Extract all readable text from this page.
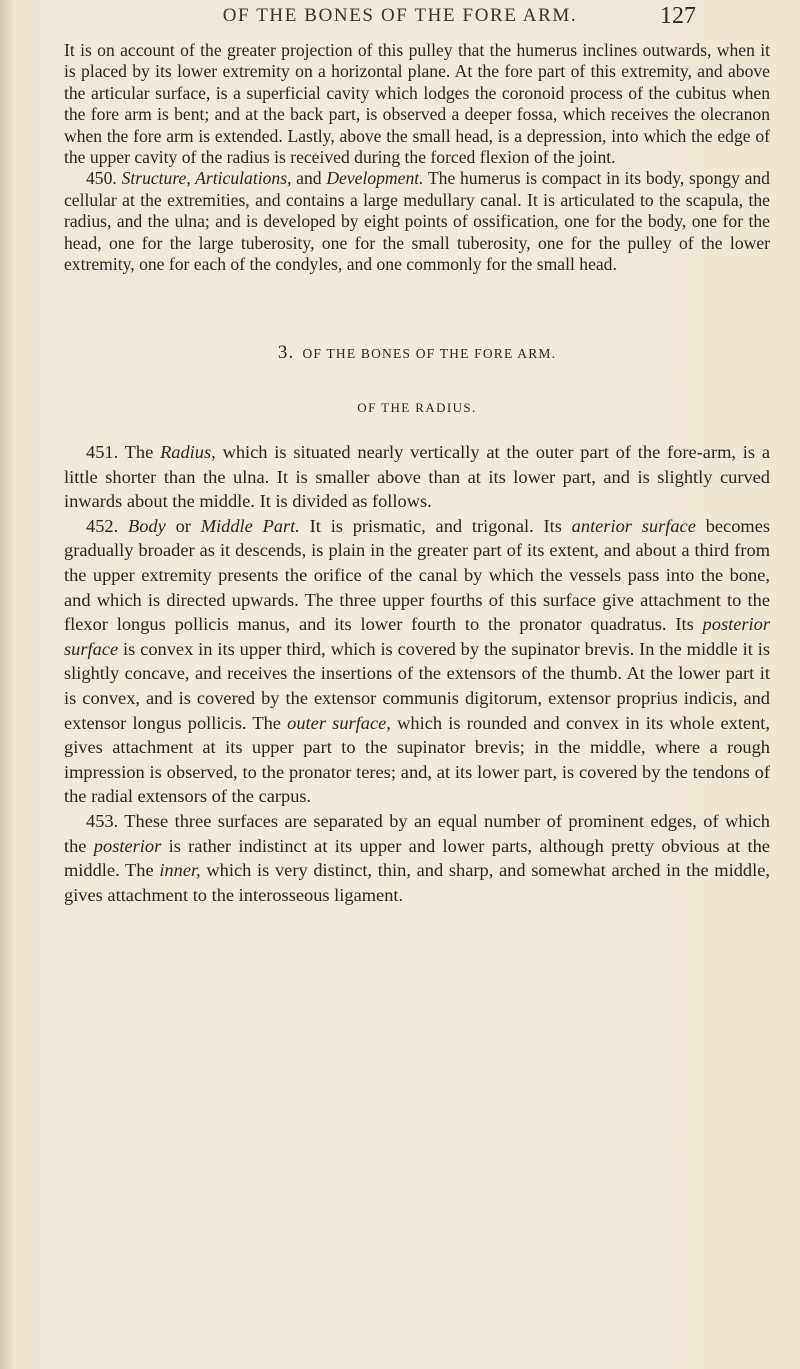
OF THE BONES OF THE FORE ARM.	127

It is on account of the greater projection of this pulley that the humerus inclines outwards, when it is placed by its lower extremity on a horizontal plane. At the fore part of this extremity, and above the articular surface, is a superficial cavity which lodges the coronoid process of the cubitus when the fore arm is bent; and at the back part, is observed a deeper fossa, which receives the olecranon when the fore arm is extended. Lastly, above the small head, is a depression, into which the edge of the upper cavity of the radius is received during the forced flexion of the joint.

450. Structure, Articulations, and Development. The humerus is compact in its body, spongy and cellular at the extremities, and contains a large medullary canal. It is articulated to the scapula, the radius, and the ulna; and is developed by eight points of ossification, one for the body, one for the head, one for the large tuberosity, one for the small tuberosity, one for the pulley of the lower extremity, one for each of the condyles, and one commonly for the small head.

3. OF THE BONES OF THE FORE ARM.
OF THE RADIUS.

451. The Radius, which is situated nearly vertically at the outer part of the fore-arm, is a little shorter than the ulna. It is smaller above than at its lower part, and is slightly curved inwards about the middle. It is divided as follows.

452. Body or Middle Part. It is prismatic, and trigonal. Its anterior surface becomes gradually broader as it descends, is plain in the greater part of its extent, and about a third from the upper extremity presents the orifice of the canal by which the vessels pass into the bone, and which is directed upwards. The three upper fourths of this surface give attachment to the flexor longus pollicis manus, and its lower fourth to the pronator quadratus. Its posterior surface is convex in its upper third, which is covered by the supinator brevis. In the middle it is slightly concave, and receives the insertions of the extensors of the thumb. At the lower part it is convex, and is covered by the extensor communis digitorum, extensor proprius indicis, and extensor longus pollicis. The outer surface, which is rounded and convex in its whole extent, gives attachment at its upper part to the supinator brevis; in the middle, where a rough impression is observed, to the pronator teres; and, at its lower part, is covered by the tendons of the radial extensors of the carpus.

453. These three surfaces are separated by an equal number of prominent edges, of which the posterior is rather indistinct at its upper and lower parts, although pretty obvious at the middle. The inner, which is very distinct, thin, and sharp, and somewhat arched in the middle, gives attachment to the interosseous ligament.
